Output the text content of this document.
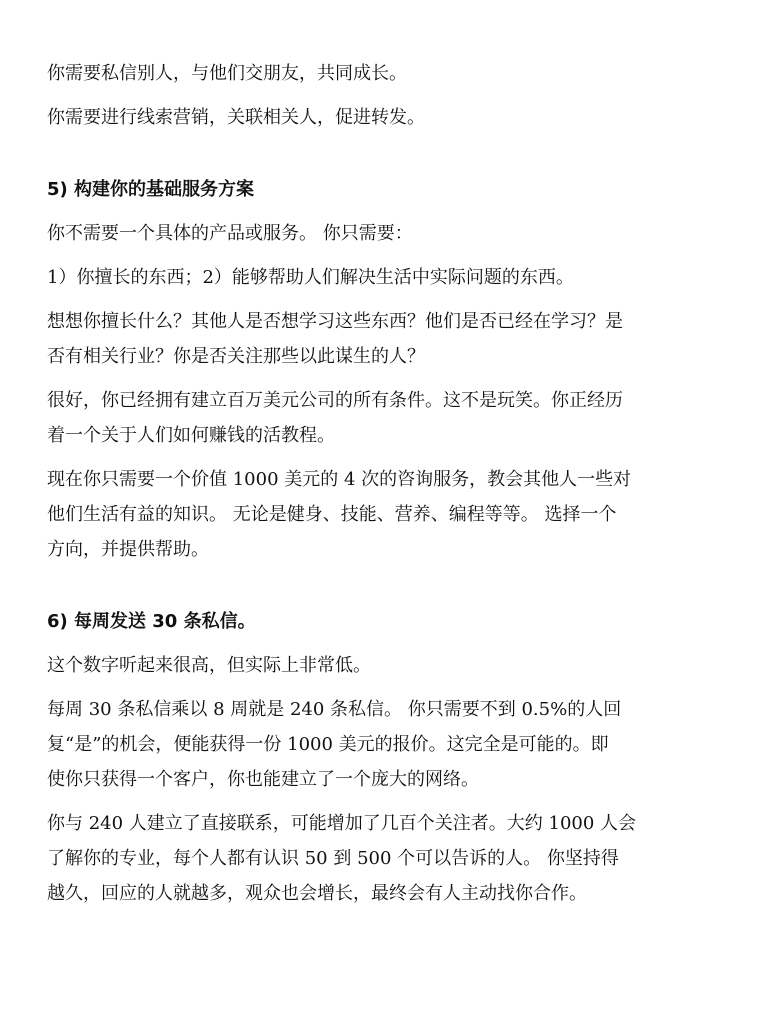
你需要私信别人，与他们交朋友，共同成长。
你需要进行线索营销，关联相关人，促进转发。
5) 构建你的基础服务方案
你不需要一个具体的产品或服务。 你只需要：
1）你擅长的东西；2）能够帮助人们解决生活中实际问题的东西。
想想你擅长什么？其他人是否想学习这些东西？他们是否已经在学习？是
否有相关行业？你是否关注那些以此谋生的人？
很好，你已经拥有建立百万美元公司的所有条件。这不是玩笑。你正经历
着一个关于人们如何赚钱的活教程。
现在你只需要一个价值 1000 美元的 4 次的咨询服务，教会其他人一些对
他们生活有益的知识。 无论是健身、技能、营养、编程等等。 选择一个
方向，并提供帮助。
6) 每周发送 30 条私信。
这个数字听起来很高，但实际上非常低。
每周 30 条私信乘以 8 周就是 240 条私信。 你只需要不到 0.5%的人回
复“是”的机会，便能获得一份 1000 美元的报价。这完全是可能的。即
使你只获得一个客户，你也能建立了一个庞大的网络。
你与 240 人建立了直接联系，可能增加了几百个关注者。大约 1000 人会
了解你的专业，每个人都有认识 50 到 500 个可以告诉的人。 你坚持得
越久，回应的人就越多，观众也会增长，最终会有人主动找你合作。
